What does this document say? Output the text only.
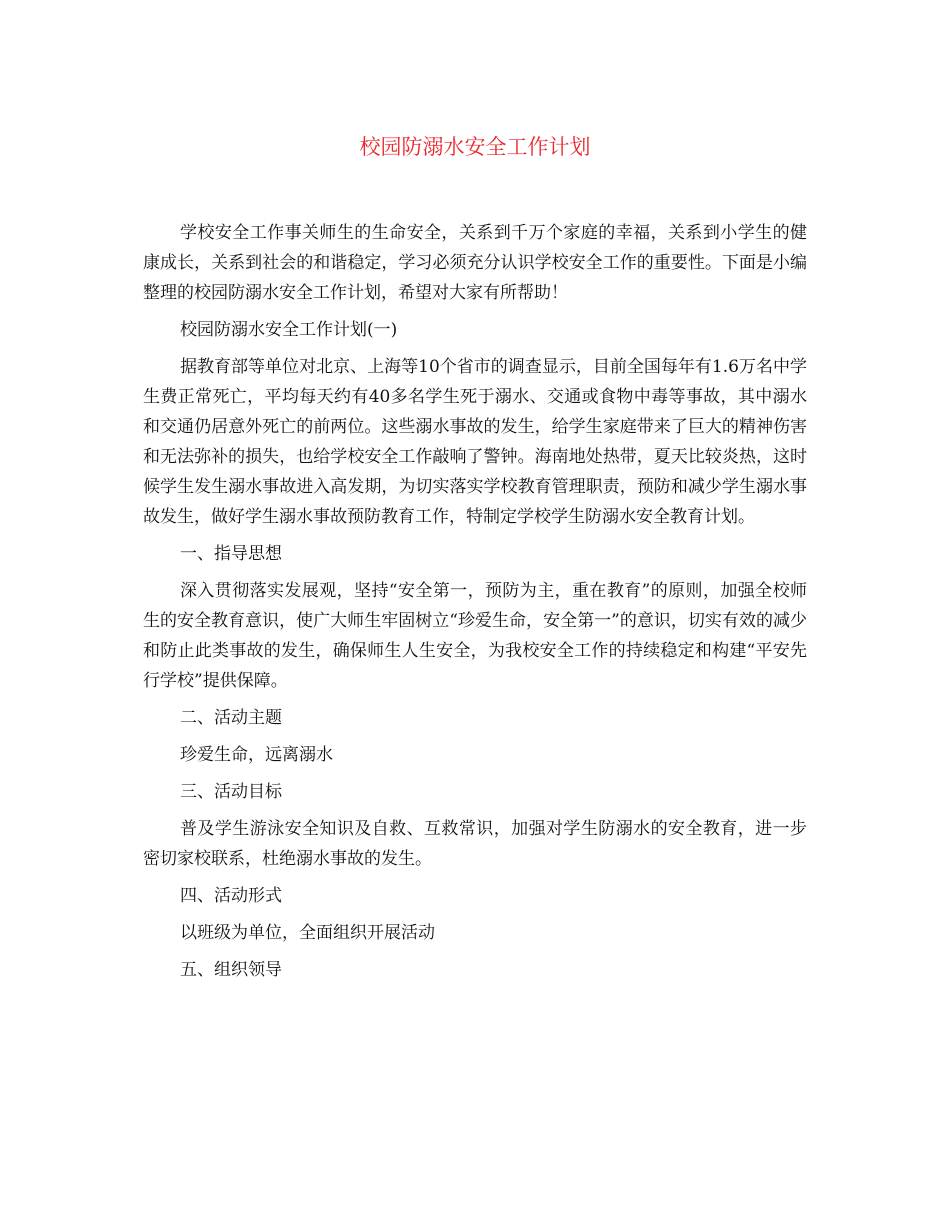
校园防溺水安全工作计划

学校安全工作事关师生的生命安全，关系到千万个家庭的幸福，关系到小学生的健康成长，关系到社会的和谐稳定，学习必须充分认识学校安全工作的重要性。下面是小编整理的校园防溺水安全工作计划，希望对大家有所帮助！

校园防溺水安全工作计划(一)

据教育部等单位对北京、上海等10个省市的调查显示，目前全国每年有1.6万名中学生费正常死亡，平均每天约有40多名学生死于溺水、交通或食物中毒等事故，其中溺水和交通仍居意外死亡的前两位。这些溺水事故的发生，给学生家庭带来了巨大的精神伤害和无法弥补的损失，也给学校安全工作敲响了警钟。海南地处热带，夏天比较炎热，这时候学生发生溺水事故进入高发期，为切实落实学校教育管理职责，预防和减少学生溺水事故发生，做好学生溺水事故预防教育工作，特制定学校学生防溺水安全教育计划。

一、指导思想

深入贯彻落实发展观，坚持“安全第一，预防为主，重在教育”的原则，加强全校师生的安全教育意识，使广大师生牢固树立“珍爱生命，安全第一”的意识，切实有效的减少和防止此类事故的发生，确保师生人生安全，为我校安全工作的持续稳定和构建“平安先行学校”提供保障。

二、活动主题

珍爱生命，远离溺水

三、活动目标

普及学生游泳安全知识及自救、互救常识，加强对学生防溺水的安全教育，进一步密切家校联系，杜绝溺水事故的发生。

四、活动形式

以班级为单位，全面组织开展活动

五、组织领导
